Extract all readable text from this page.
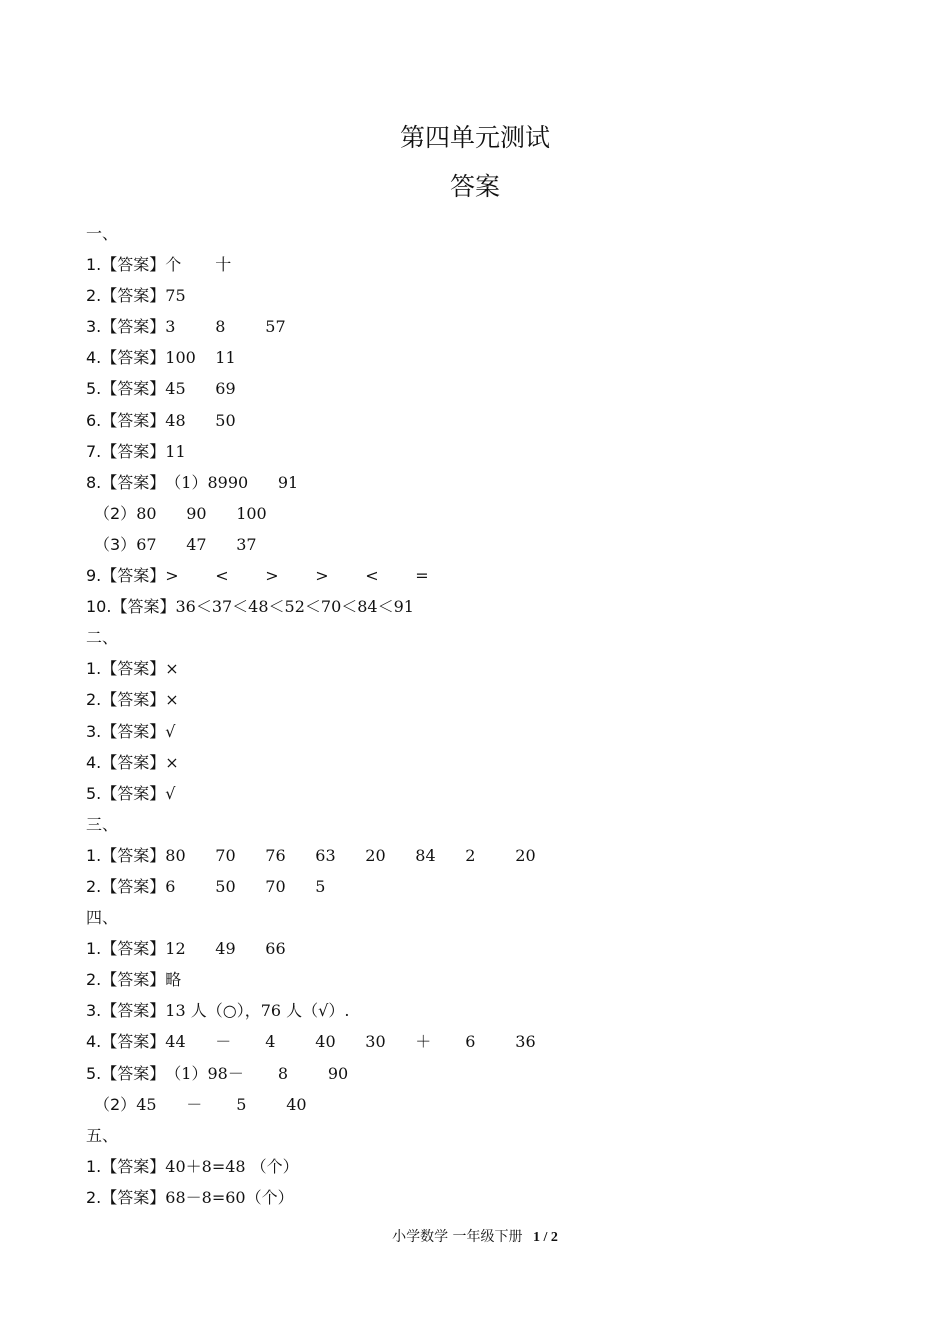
第四单元测试
答案
一、
1.【答案】个 十
2.【答案】75
3.【答案】3 8 57
4.【答案】100 11
5.【答案】45 69
6.【答案】48 50
7.【答案】11
8.【答案】（1）8990 91
（2）80 90 100
（3）67 47 37
9.【答案】> < > > < =
10.【答案】36＜37＜48＜52＜70＜84＜91
二、
1.【答案】×
2.【答案】×
3.【答案】√
4.【答案】×
5.【答案】√
三、
1.【答案】80 70 76 63 20 84 2 20
2.【答案】6 50 70 5
四、
1.【答案】12 49 66
2.【答案】略
3.【答案】13 人（○），76 人（√）.
4.【答案】44 － 4 40 30 ＋ 6 36
5.【答案】（1）98－ 8 90
（2）45 － 5 40
五、
1.【答案】40＋8=48 （个）
2.【答案】68－8=60（个）
小学数学 一年级下册 1 / 2
